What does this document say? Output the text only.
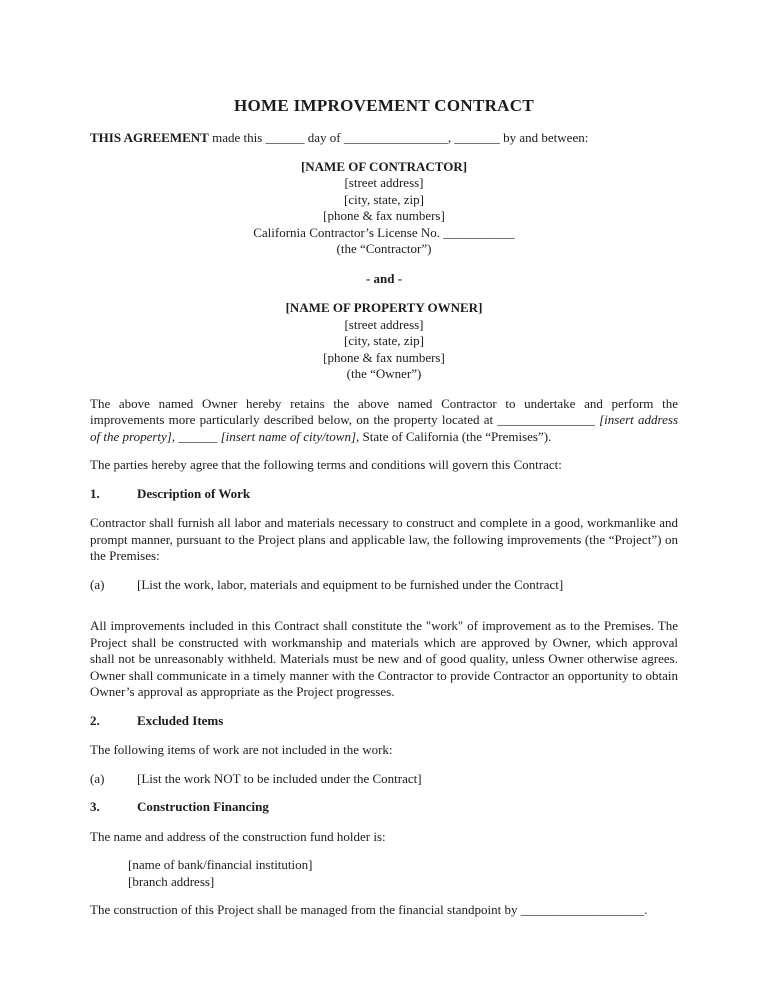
HOME IMPROVEMENT CONTRACT

THIS AGREEMENT made this ______ day of ________________, _______ by and between:

[NAME OF CONTRACTOR]
[street address]
[city, state, zip]
[phone & fax numbers]
California Contractor’s License No. ___________
(the “Contractor”)
- and -
[NAME OF PROPERTY OWNER]
[street address]
[city, state, zip]
[phone & fax numbers]
(the “Owner”)

The above named Owner hereby retains the above named Contractor to undertake and perform the improvements more particularly described below, on the property located at _______________ [insert address of the property], ______ [insert name of city/town], State of California (the “Premises”).

The parties hereby agree that the following terms and conditions will govern this Contract:

1.	Description of Work

Contractor shall furnish all labor and materials necessary to construct and complete in a good, workmanlike and prompt manner, pursuant to the Project plans and applicable law, the following improvements (the “Project”) on the Premises:

(a)	[List the work, labor, materials and equipment to be furnished under the Contract]

All improvements included in this Contract shall constitute the "work" of improvement as to the Premises. The Project shall be constructed with workmanship and materials which are approved by Owner, which approval shall not be unreasonably withheld. Materials must be new and of good quality, unless Owner otherwise agrees. Owner shall communicate in a timely manner with the Contractor to provide Contractor an opportunity to obtain Owner’s approval as appropriate as the Project progresses.

2.	Excluded Items

The following items of work are not included in the work:

(a)	[List the work NOT to be included under the Contract]
3.	Construction Financing

The name and address of the construction fund holder is:

[name of bank/financial institution]
[branch address]

The construction of this Project shall be managed from the financial standpoint by ___________________.
